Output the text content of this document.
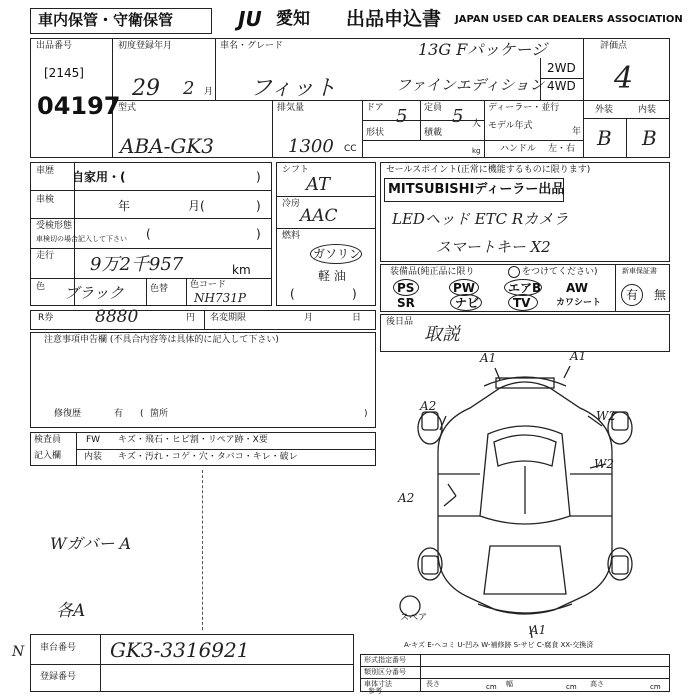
車内保管・守衛保管	JU 愛知 出品申込書 JAPAN USED CAR DEALERS ASSOCIATION
出品番号
[2145]
04197
初度登録年月
29 2 月
車名・グレード
フィット
13G Fパッケージ
ファインエディション
2WD
4WD
評価点
4
外装	内装
B B
型式
ABA-GK3
排気量
1300 CC
ドア 5 定員 5 人
形状	積載
kg
ディーラー・並行
モデル年式
年
ハンドル 左・右
車歴 自家用・(	)
車検	年	月(	)
受検形態
車検切の場合記入して下さい (	)
走行 9万2千957	km
色 ブラック	色替 色コード
NH731P
シフト
AT
冷房
AAC
燃料
ガソリン
軽 油
(	)
セールスポイント(正常に機能するものに限ります)
MITSUBISHIディーラー出品
LEDヘッド ETC Rカメラ
スマートキー X2
装備品(純正品に限り	をつけてください)
PS	PW	エアB AW
SR	ナビ	TV	カワシート
新車保証書
有 無
R券 8880	円 名変期限	月	日
注意事項申告欄 (不具合内容等は具体的に記入して下さい)
修復歴	有 ( 箇所	)
検査員
記入欄
FW キズ・飛石・ヒビ割・リペア跡・X要
内装 キズ・汚れ・コゲ・穴・タバコ・キレ・破レ
Wガバー A
各A
後日品
取説
A1	A1
A2
W2
W2
A2
A1
スペア
A-キズ E-ヘコミ U-凹み W-補修跡 S-サビ C-腐食 XX-交換済
N 車台番号 GK3-3316921
登録番号
形式指定番号
類別区分番号
車体寸法
参考
長さ	cm 幅	cm 高さ	cm
